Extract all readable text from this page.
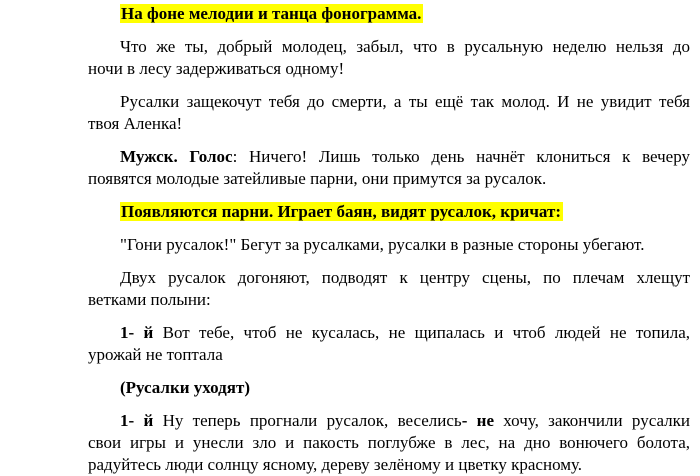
На фоне мелодии и танца фонограмма.
Что же ты, добрый молодец, забыл, что в русальную неделю нельзя до
ночи в лесу задерживаться одному!
Русалки защекочут тебя до смерти, а ты ещё так молод. И не увидит тебя
твоя Аленка!
Мужск. Голос: Ничего! Лишь только день начнёт клониться к вечеру
появятся молодые затейливые парни, они примутся за русалок.
Появляются парни. Играет баян, видят русалок, кричат:
"Гони русалок!" Бегут за русалками, русалки в разные стороны убегают.
Двух русалок догоняют, подводят к центру сцены, по плечам хлещут
ветками полыни:
1- й Вот тебе, чтоб не кусалась, не щипалась и чтоб людей не топила,
урожай не топтала
(Русалки уходят)
1- й Ну теперь прогнали русалок, веселись- не хочу, закончили русалки
свои игры и унесли зло и пакость поглубже в лес, на дно вонючего болота,
радуйтесь люди солнцу ясному, дереву зелёному и цветку красному.
